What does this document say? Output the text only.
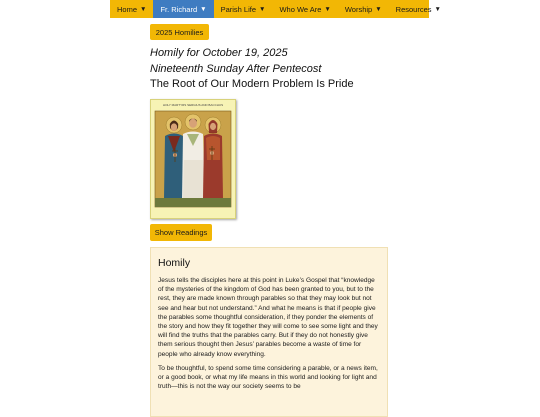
Home ▼ Fr. Richard ▼ Parish Life ▼ Who We Are ▼ Worship ▼ Resources ▼
2025 Homilies
Homily for October 19, 2025
Nineteenth Sunday After Pentecost
The Root of Our Modern Problem Is Pride
HOLY MARTYRS SERGIUS AND BACCHUS
Show Readings
Homily

Jesus tells the disciples here at this point in Luke’s Gospel that “knowledge of the mysteries of the kingdom of God has been granted to you, but to the rest, they are made known through parables so that they may look but not see and hear but not understand.” And what he means is that if people give the parables some thoughtful consideration, if they ponder the elements of the story and how they fit together they will come to see some light and they will find the truths that the parables carry. But if they do not honestly give them serious thought then Jesus’ parables become a waste of time for people who already know everything.

To be thoughtful, to spend some time considering a parable, or a news item, or a good book, or what my life means in this world and looking for light and truth—this is not the way our society seems to be
